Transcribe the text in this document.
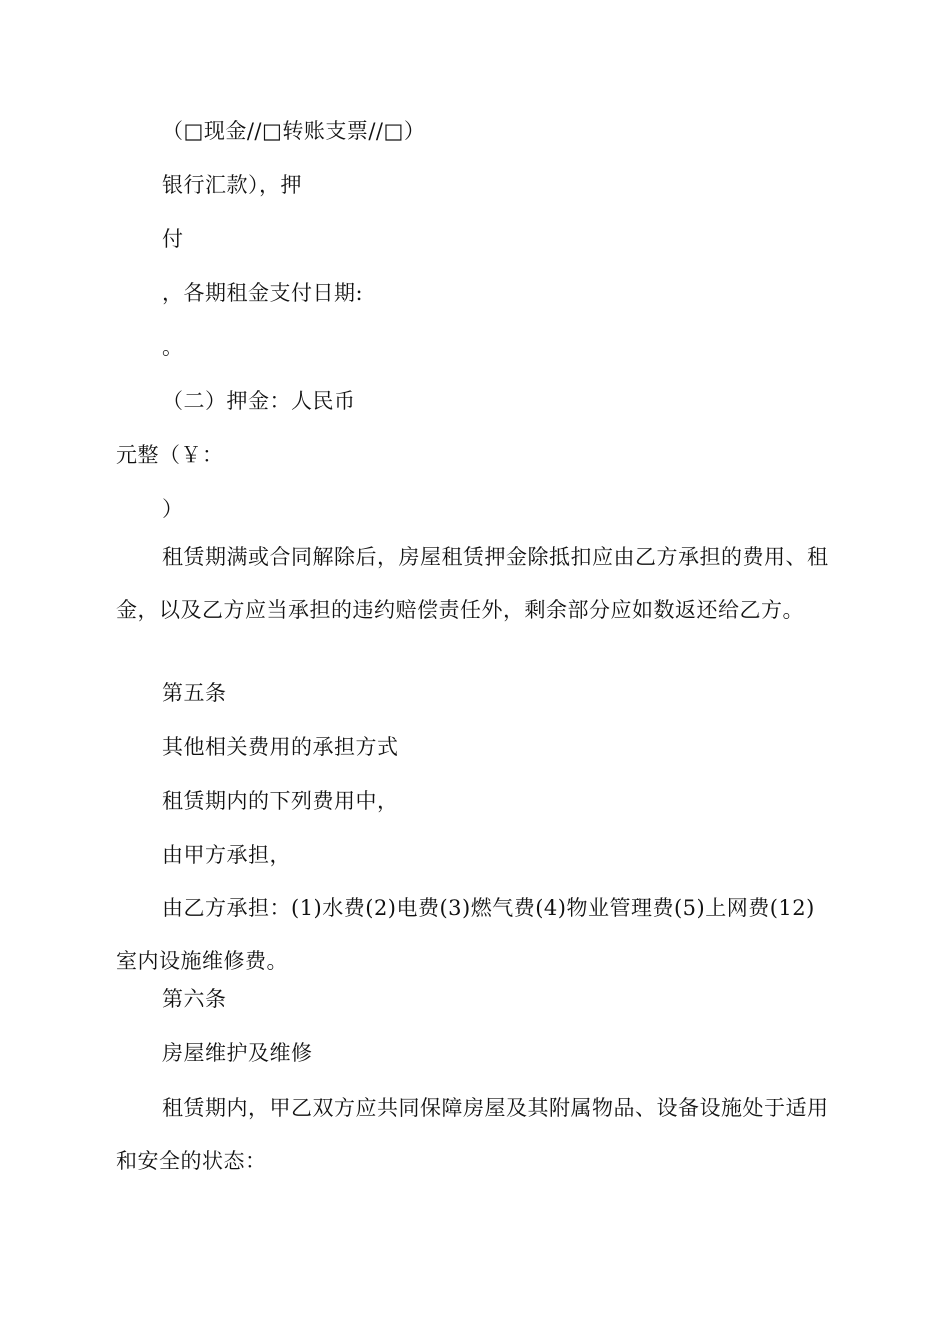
（□现金//□转账支票//□）
银行汇款），押
付
，各期租金支付日期:
。
（二）押金：人民币
元整（￥：
）

租赁期满或合同解除后，房屋租赁押金除抵扣应由乙方承担的费用、租金，以及乙方应当承担的违约赔偿责任外，剩余部分应如数返还给乙方。

第五条
其他相关费用的承担方式
租赁期内的下列费用中，
由甲方承担，

由乙方承担：(1)水费(2)电费(3)燃气费(4)物业管理费(5)上网费(12)室内设施维修费。

第六条
房屋维护及维修

租赁期内，甲乙双方应共同保障房屋及其附属物品、设备设施处于适用和安全的状态：
